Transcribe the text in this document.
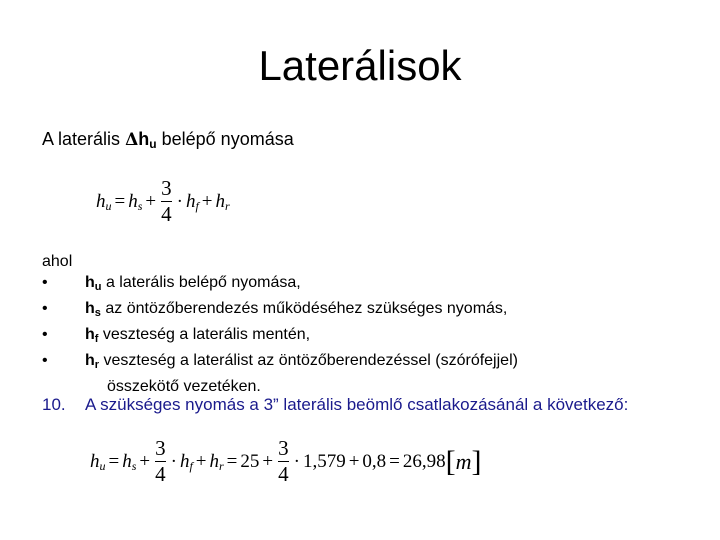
Laterálisok
A laterális $\Delta h_u$ belépő nyomása
h u = h $s + \frac{3}{4} \cdot h$ f + h r
ahol
• $h_u$ a laterális belépő nyomása,
• $h_s$ az öntözőberendezés működéséhez szükséges nyomás,
• $h_f$ veszteség a laterális mentén,
• $h_r$ veszteség a laterálist az öntözőberendezéssel (szórófejjel)
összekötő vezetéken.
10.	A szükséges nyomás a 3” laterális beömlő csatlakozásánál a következő:
h u = h $s + \frac{3}{4} \cdot h$ f + h $r = 25 + \frac{3}{4} \cdot 1,579 + 0,8 = 26,98$ [ m ]
